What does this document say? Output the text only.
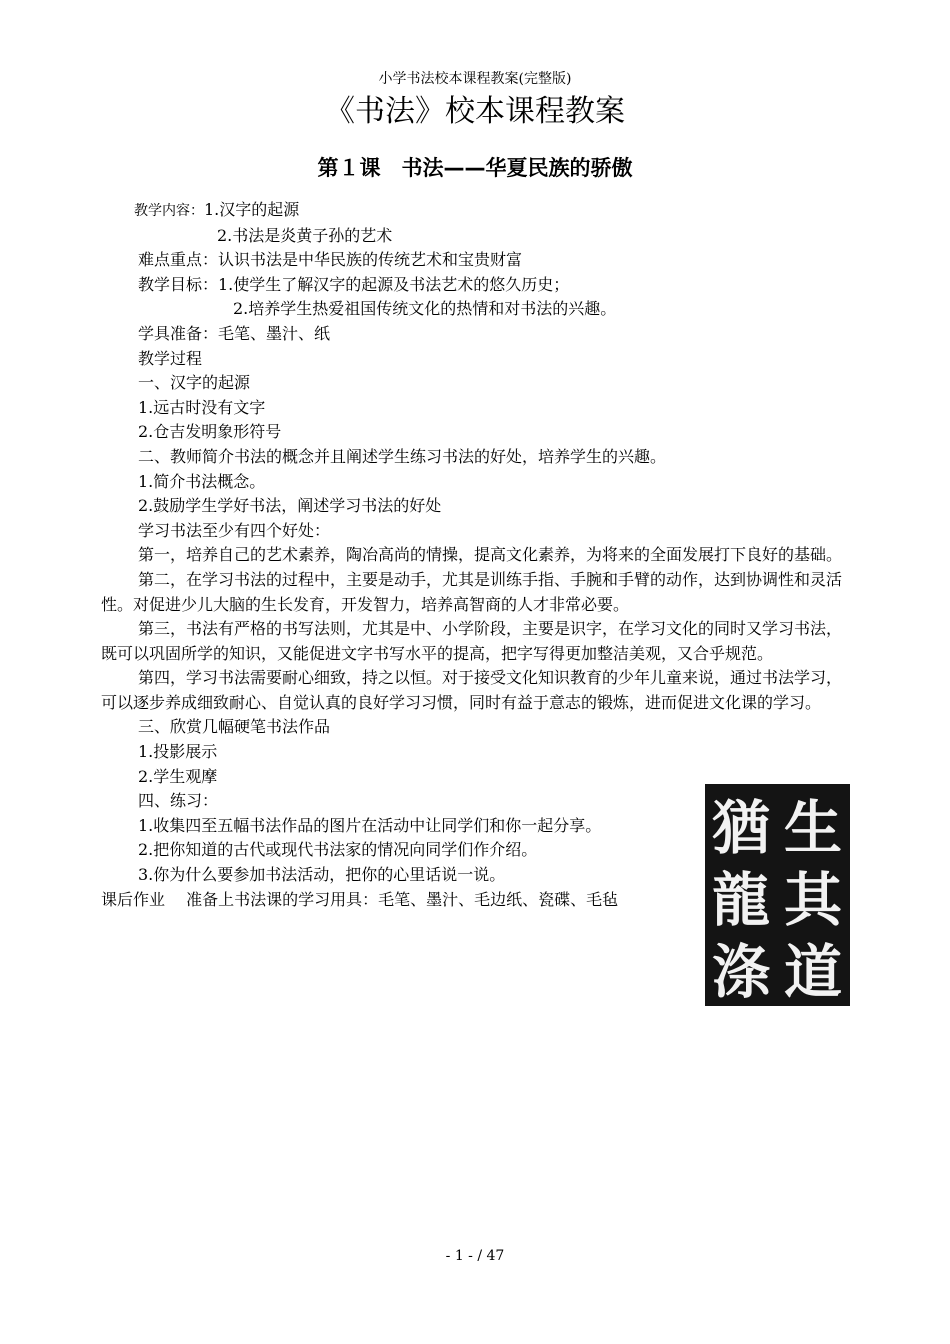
小学书法校本课程教案(完整版)
《书法》校本课程教案
第１课　书法——华夏民族的骄傲

教学内容：1.汉字的起源

2.书法是炎黄子孙的艺术

难点重点：认识书法是中华民族的传统艺术和宝贵财富

教学目标：1.使学生了解汉字的起源及书法艺术的悠久历史；

2.培养学生热爱祖国传统文化的热情和对书法的兴趣。

学具准备：毛笔、墨汁、纸

教学过程

一、汉字的起源

1.远古时没有文字

2.仓吉发明象形符号

二、教师简介书法的概念并且阐述学生练习书法的好处，培养学生的兴趣。

1.简介书法概念。

2.鼓励学生学好书法，阐述学习书法的好处

学习书法至少有四个好处：

第一，培养自己的艺术素养，陶冶高尚的情操，提高文化素养，为将来的全面发展打下良好的基础。

第二，在学习书法的过程中，主要是动手，尤其是训练手指、手腕和手臂的动作，达到协调性和灵活性。对促进少儿大脑的生长发育，开发智力，培养高智商的人才非常必要。

第三，书法有严格的书写法则，尤其是中、小学阶段，主要是识字，在学习文化的同时又学习书法，既可以巩固所学的知识，又能促进文字书写水平的提高，把字写得更加整洁美观，又合乎规范。

第四，学习书法需要耐心细致，持之以恒。对于接受文化知识教育的少年儿童来说，通过书法学习，可以逐步养成细致耐心、自觉认真的良好学习习惯，同时有益于意志的锻炼，进而促进文化课的学习。

三、欣赏几幅硬笔书法作品

1.投影展示

2.学生观摩

四、练习：

1.收集四至五幅书法作品的图片在活动中让同学们和你一起分享。

2.把你知道的古代或现代书法家的情况向同学们作介绍。

3.你为什么要参加书法活动，把你的心里话说一说。

课后作业　 准备上书法课的学习用具：毛笔、墨汁、毛边纸、瓷碟、毛毡

生
其
道
猶
龍
涤
- 1 - / 47
